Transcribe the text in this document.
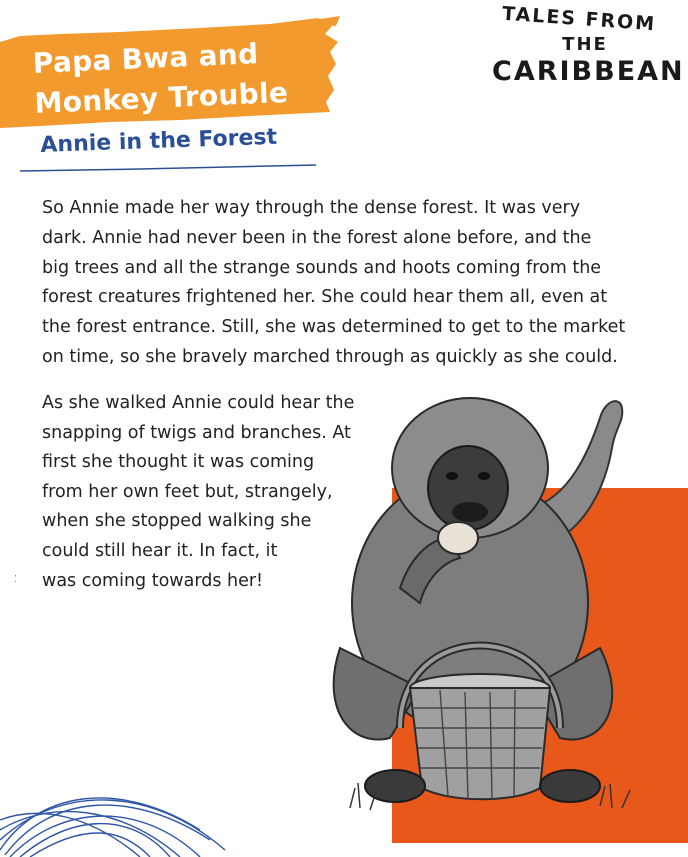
Papa Bwa and
Monkey Trouble
Annie in the Forest
TALES FROM
THE
CARIBBEAN

So Annie made her way through the dense forest. It was very
dark. Annie had never been in the forest alone before, and the
big trees and all the strange sounds and hoots coming from the
forest creatures frightened her. She could hear them all, even at
the forest entrance. Still, she was determined to get to the market
on time, so she bravely marched through as quickly as she could.

As she walked Annie could hear the
snapping of twigs and branches. At
first she thought it was coming
from her own feet but, strangely,
when she stopped walking she
could still hear it. In fact, it
was coming towards her!

⁚
